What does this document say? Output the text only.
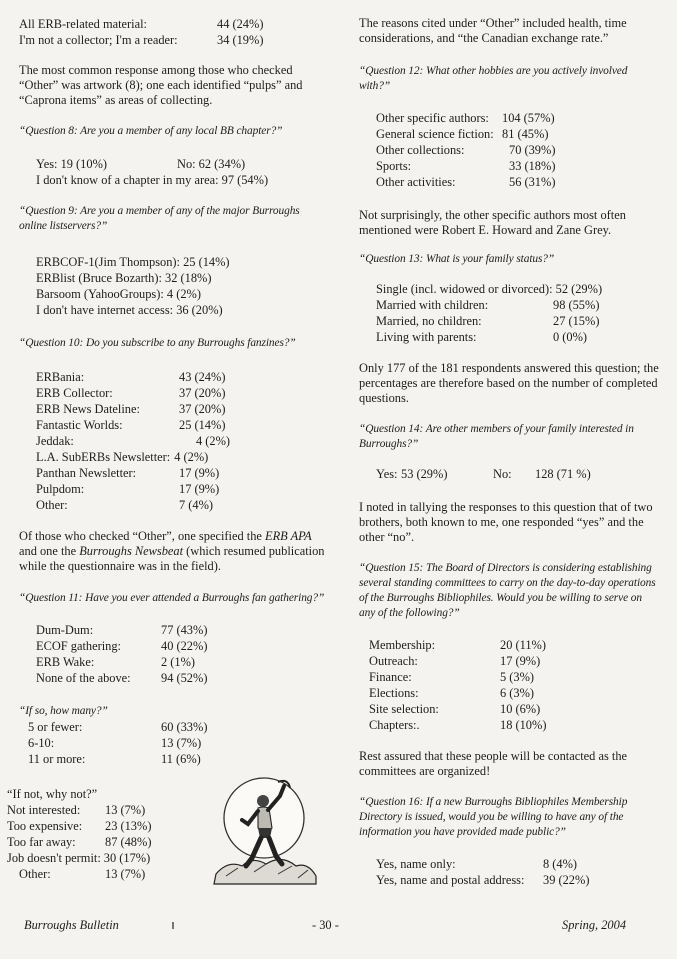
All ERB-related material:	44 (24%)
I'm not a collector; I'm a reader:	34 (19%)

The most common response among those who checked “Other” was artwork (8); one each identified “pulps” and “Caprona items” as areas of collecting.

“Question 8: Are you a member of any local BB chapter?”

Yes: 19 (10%)	No: 62 (34%)
I don't know of a chapter in my area: 97 (54%)

“Question 9: Are you a member of any of the major Burroughs online listservers?”

ERBCOF-1(Jim Thompson): 25 (14%)
ERBlist (Bruce Bozarth): 32 (18%)
Barsoom (YahooGroups): 4 (2%)
I don't have internet access: 36 (20%)

“Question 10: Do you subscribe to any Burroughs fanzines?”

ERBania:	43 (24%)
ERB Collector:	37 (20%)
ERB News Dateline:	37 (20%)
Fantastic Worlds:	25 (14%)
Jeddak:	4 (2%)
L.A. SubERBs Newsletter: 4 (2%)
Panthan Newsletter:	17 (9%)
Pulpdom:	17 (9%)
Other:	7 (4%)

Of those who checked “Other”, one specified the ERB APA and one the Burroughs Newsbeat (which resumed publication while the questionnaire was in the field).

“Question 11: Have you ever attended a Burroughs fan gathering?”

Dum-Dum:	77 (43%)
ECOF gathering:	40 (22%)
ERB Wake:	2 (1%)
None of the above:	94 (52%)

“If so, how many?”

5 or fewer:	60 (33%)
6-10:	13 (7%)
11 or more:	11 (6%)
“If not, why not?”
Not interested:	13 (7%)
Too expensive:	23 (13%)
Too far away:	87 (48%)
Job doesn't permit: 30 (17%)
Other:	13 (7%)

The reasons cited under “Other” included health, time considerations, and “the Canadian exchange rate.”

“Question 12: What other hobbies are you actively involved with?”

Other specific authors:	104 (57%)
General science fiction: 81 (45%)
Other collections:	70 (39%)
Sports:	33 (18%)
Other activities:	56 (31%)

Not surprisingly, the other specific authors most often mentioned were Robert E. Howard and Zane Grey.

“Question 13: What is your family status?”

Single (incl. widowed or divorced): 52 (29%)
Married with children:	98 (55%)
Married, no children:	27 (15%)
Living with parents:	0 (0%)

Only 177 of the 181 respondents answered this question; the percentages are therefore based on the number of completed questions.

“Question 14: Are other members of your family interested in Burroughs?”

Yes: 53 (29%)	No:	128 (71 %)

I noted in tallying the responses to this question that of two brothers, both known to me, one responded “yes” and the other “no”.

“Question 15: The Board of Directors is considering establishing several standing committees to carry on the day-to-day operations of the Burroughs Bibliophiles. Would you be willing to serve on any of the following?”

Membership:	20 (11%)
Outreach:	17 (9%)
Finance:	5 (3%)
Elections:	6 (3%)
Site selection:	10 (6%)
Chapters:.	18 (10%)

Rest assured that these people will be contacted as the committees are organized!

“Question 16: If a new Burroughs Bibliophiles Membership Directory is issued, would you be willing to have any of the information you have provided made public?”

Yes, name only:	8 (4%)
Yes, name and postal address:	39 (22%)
Burroughs Bulletin	- 30 -	Spring, 2004
